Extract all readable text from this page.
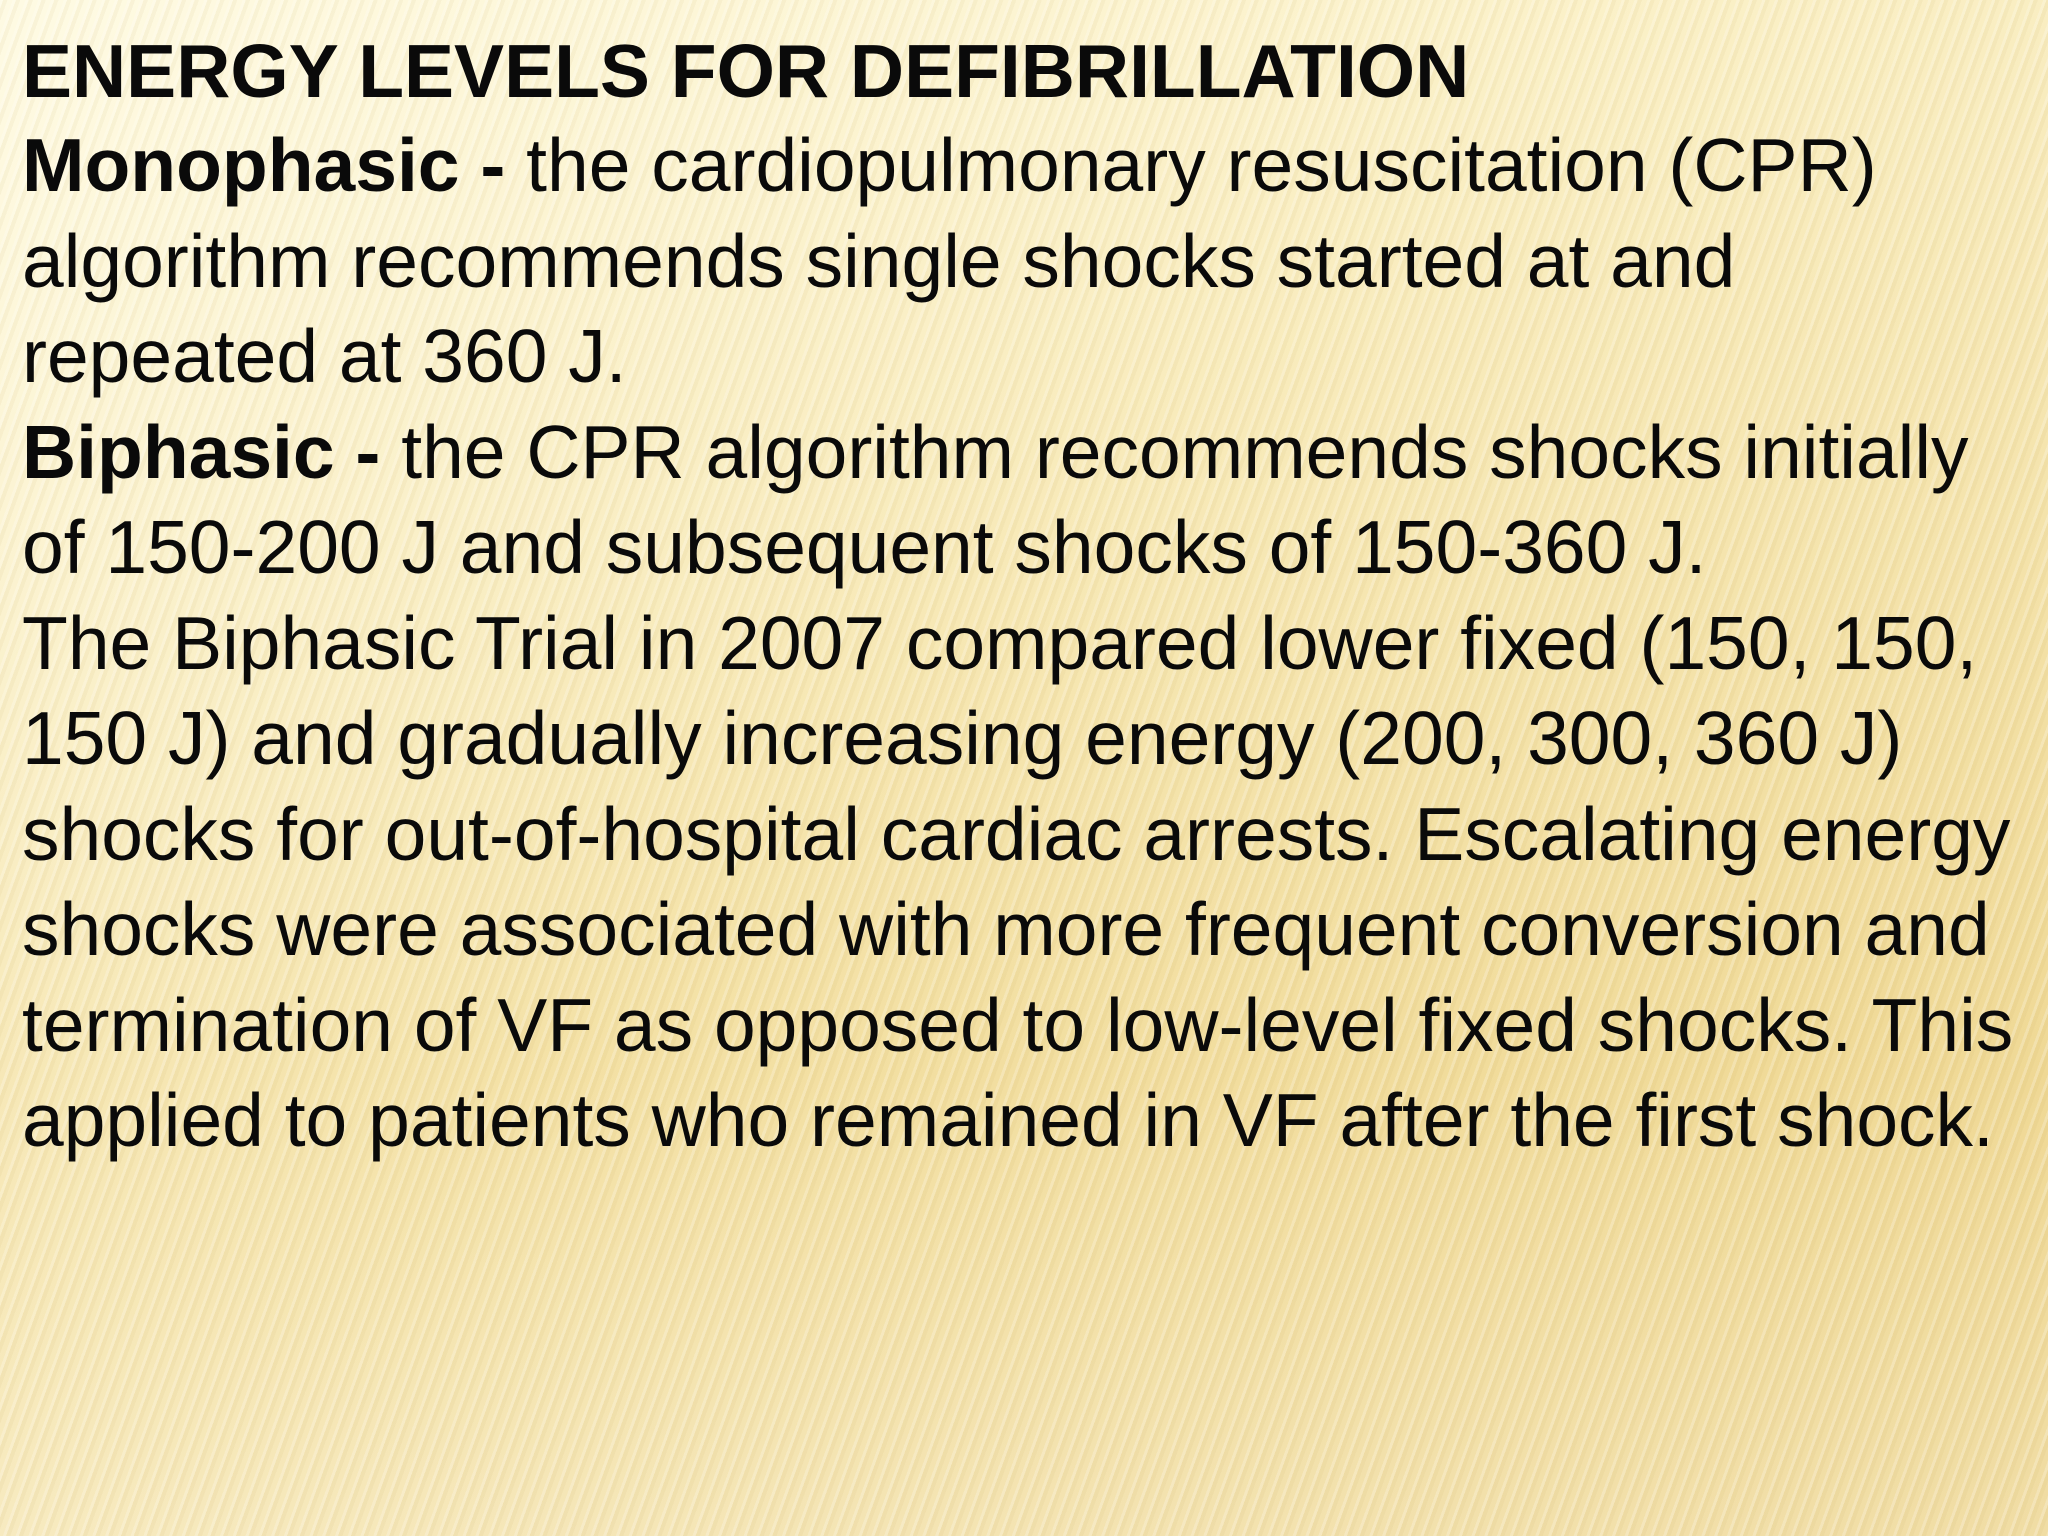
ENERGY LEVELS FOR DEFIBRILLATION

Monophasic - the cardiopulmonary resuscitation (CPR) algorithm recommends single shocks started at and repeated at 360 J.

Biphasic - the CPR algorithm recommends shocks initially of 150-200 J and subsequent shocks of 150-360 J.

The Biphasic Trial in 2007 compared lower fixed (150, 150, 150 J) and gradually increasing energy (200, 300, 360 J) shocks for out-of-hospital cardiac arrests. Escalating energy shocks were associated with more frequent conversion and termination of VF as opposed to low-level fixed shocks. This applied to patients who remained in VF after the first shock.
